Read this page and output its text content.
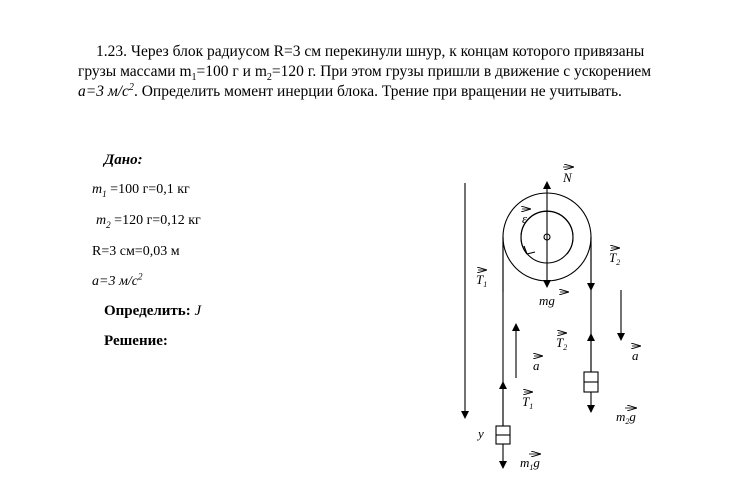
1.23. Через блок радиусом R=3 см перекинули шнур, к концам которого привязаны
грузы массами $m_1=100$ г и $m_2=120$ г. При этом грузы пришли в движение с ускорением
a=3 $м/с^2$. Определить момент инерции блока. Трение при вращении не учитывать.
Дано:
$m_1 =100$ г=0,1 кг
$m_2 =120$ г=0,12 кг
R=3 см=0,03 м
a=3 $м/с^2$
Определить: J
Решение:
N
ε
$T_2$
$T_1$
mg
$T_2$
a
a
$T_1$
y
$m_2g$
$m_1g$
